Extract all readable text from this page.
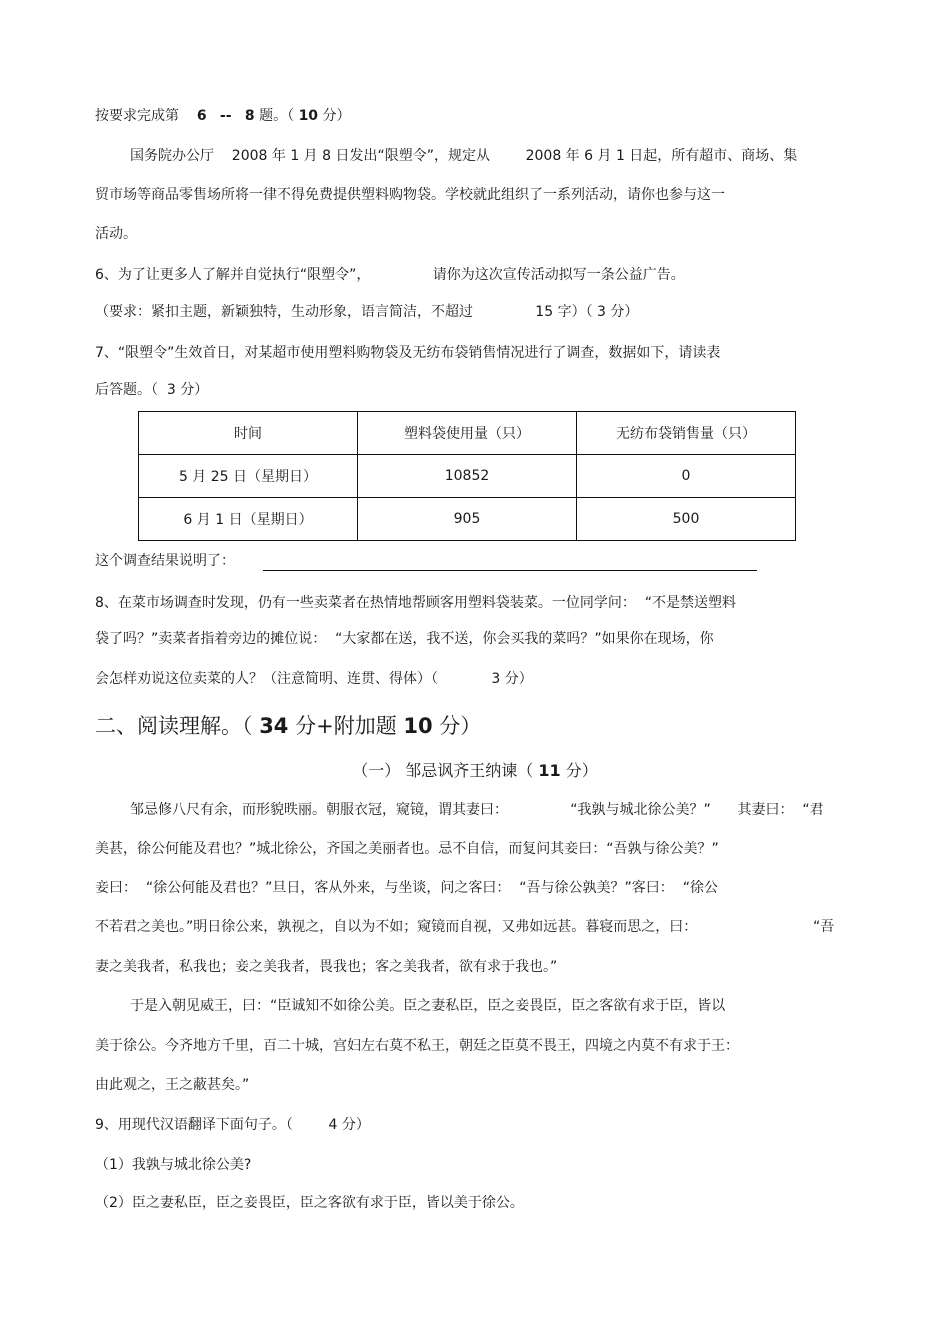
按要求完成第 6 -- 8 题。（ 10 分）
国务院办公厅    2008 年 1 月 8 日发出“限塑令”，规定从        2008 年 6 月 1 日起，所有超市、商场、集
贸市场等商品零售场所将一律不得免费提供塑料购物袋。学校就此组织了一系列活动，请你也参与这一
活动。
6、为了让更多人了解并自觉执行“限塑令”，              请你为这次宣传活动拟写一条公益广告。
（要求：紧扣主题，新颖独特，生动形象，语言简洁，不超过              15 字）（ 3 分）
7、“限塑令”生效首日，对某超市使用塑料购物袋及无纺布袋销售情况进行了调查，数据如下，请读表
后答题。（  3 分）
时间	塑料袋使用量（只）	无纺布袋销售量（只）
5 月 25 日（星期日）	10852	0
6 月 1 日（星期日）	905	500
这个调查结果说明了：
8、在菜市场调查时发现，仍有一些卖菜者在热情地帮顾客用塑料袋装菜。一位同学问：  “不是禁送塑料
袋了吗？”卖菜者指着旁边的摊位说：  “大家都在送，我不送，你会买我的菜吗？”如果你在现场，你
会怎样劝说这位卖菜的人？（注意简明、连贯、得体）（            3 分）
二、阅读理解。（ 34 分+附加题 10 分）
（一） 邹忌讽齐王纳谏（ 11 分）
邹忌修八尺有余，而形貌昳丽。朝服衣冠，窥镜，谓其妻曰：              “我孰与城北徐公美？”      其妻曰：  “君
美甚，徐公何能及君也？”城北徐公，齐国之美丽者也。忌不自信，而复问其妾曰：“吾孰与徐公美？”
妾曰：  “徐公何能及君也？”旦日，客从外来，与坐谈，问之客曰：  “吾与徐公孰美？”客曰：  “徐公
不若君之美也。”明日徐公来，孰视之，自以为不如；窥镜而自视，又弗如远甚。暮寝而思之，曰：                          “吾
妻之美我者，私我也；妾之美我者，畏我也；客之美我者，欲有求于我也。”
于是入朝见威王，曰：“臣诚知不如徐公美。臣之妻私臣，臣之妾畏臣，臣之客欲有求于臣，皆以
美于徐公。今齐地方千里，百二十城，宫妇左右莫不私王，朝廷之臣莫不畏王，四境之内莫不有求于王：
由此观之，王之蔽甚矣。”
9、用现代汉语翻译下面句子。（        4 分）
（1）我孰与城北徐公美?
（2）臣之妻私臣，臣之妾畏臣，臣之客欲有求于臣，皆以美于徐公。
